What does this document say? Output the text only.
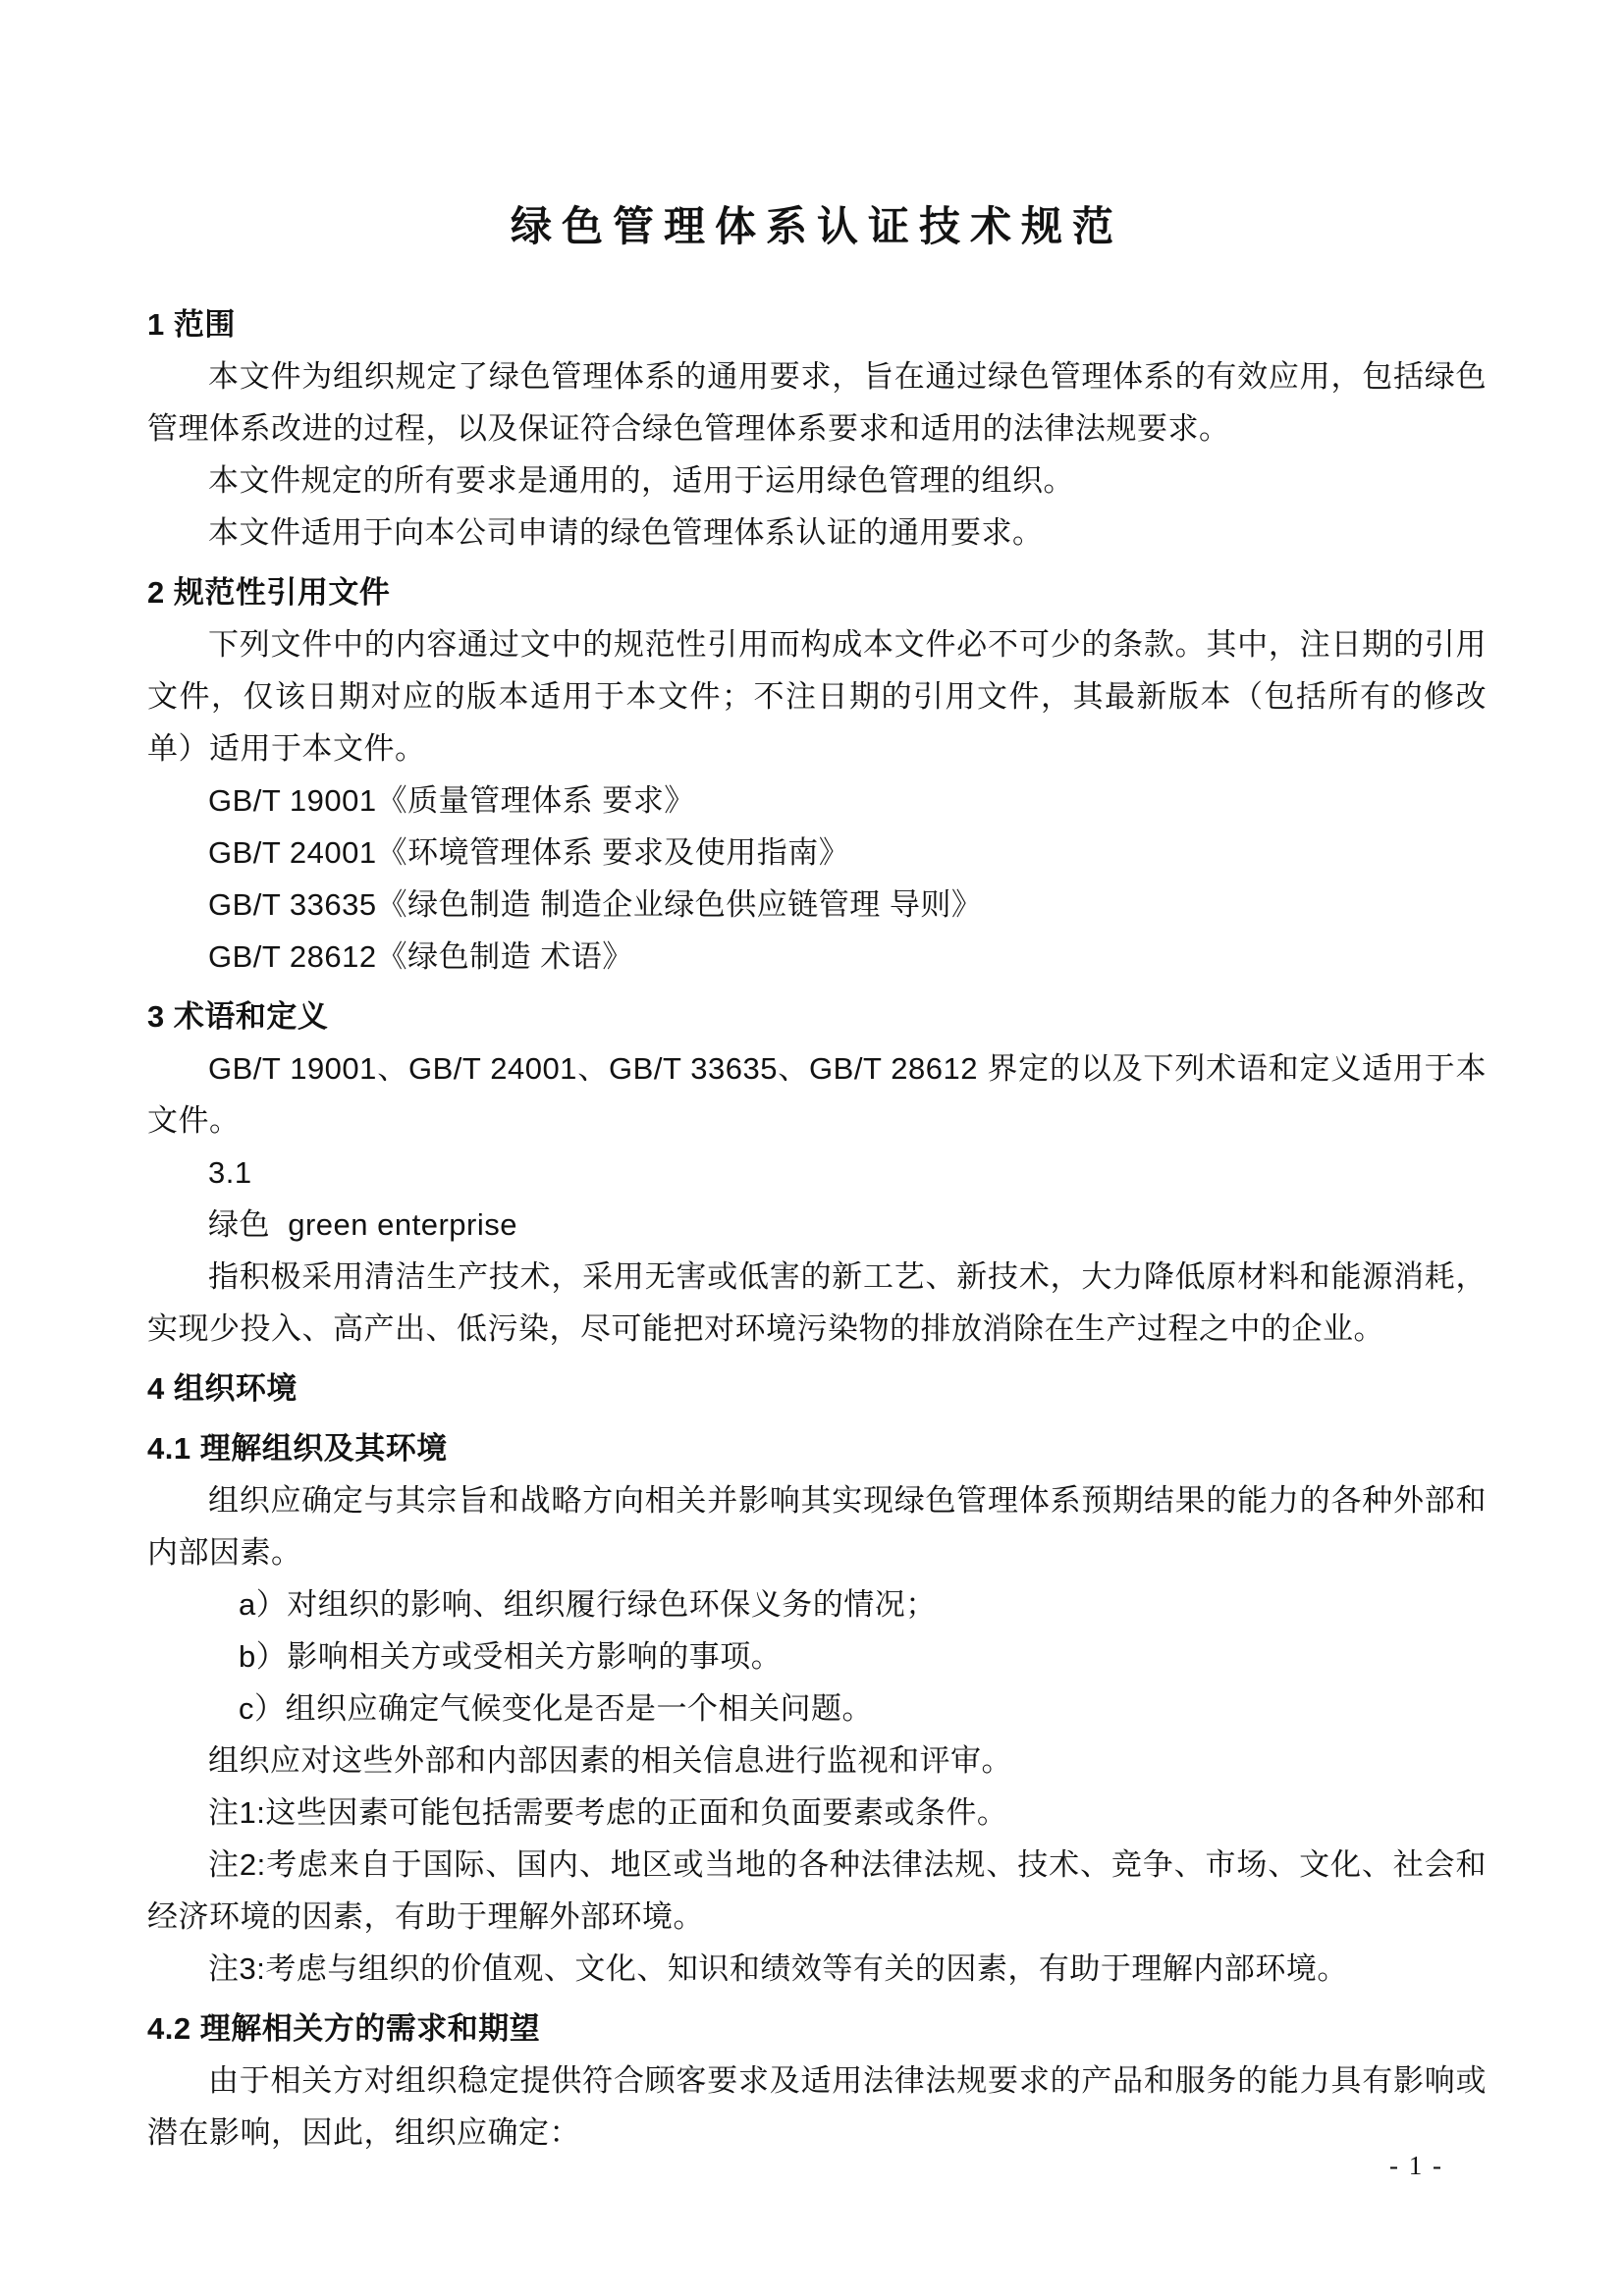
绿色管理体系认证技术规范
1 范围

本文件为组织规定了绿色管理体系的通用要求，旨在通过绿色管理体系的有效应用，包括绿色管理体系改进的过程，以及保证符合绿色管理体系要求和适用的法律法规要求。

本文件规定的所有要求是通用的，适用于运用绿色管理的组织。

本文件适用于向本公司申请的绿色管理体系认证的通用要求。

2 规范性引用文件

下列文件中的内容通过文中的规范性引用而构成本文件必不可少的条款。其中，注日期的引用文件，仅该日期对应的版本适用于本文件；不注日期的引用文件，其最新版本（包括所有的修改单）适用于本文件。

GB/T 19001《质量管理体系 要求》

GB/T 24001《环境管理体系 要求及使用指南》

GB/T 33635《绿色制造 制造企业绿色供应链管理 导则》

GB/T 28612《绿色制造 术语》

3 术语和定义

GB/T 19001、GB/T 24001、GB/T 33635、GB/T 28612 界定的以及下列术语和定义适用于本文件。

3.1

绿色  green enterprise

指积极采用清洁生产技术，采用无害或低害的新工艺、新技术，大力降低原材料和能源消耗，实现少投入、高产出、低污染，尽可能把对环境污染物的排放消除在生产过程之中的企业。

4 组织环境
4.1 理解组织及其环境

组织应确定与其宗旨和战略方向相关并影响其实现绿色管理体系预期结果的能力的各种外部和内部因素。

a）对组织的影响、组织履行绿色环保义务的情况；

b）影响相关方或受相关方影响的事项。

c）组织应确定气候变化是否是一个相关问题。

组织应对这些外部和内部因素的相关信息进行监视和评审。

注1:这些因素可能包括需要考虑的正面和负面要素或条件。

注2:考虑来自于国际、国内、地区或当地的各种法律法规、技术、竞争、市场、文化、社会和经济环境的因素，有助于理解外部环境。

注3:考虑与组织的价值观、文化、知识和绩效等有关的因素，有助于理解内部环境。

4.2 理解相关方的需求和期望

由于相关方对组织稳定提供符合顾客要求及适用法律法规要求的产品和服务的能力具有影响或潜在影响，因此，组织应确定：

- 1 -
